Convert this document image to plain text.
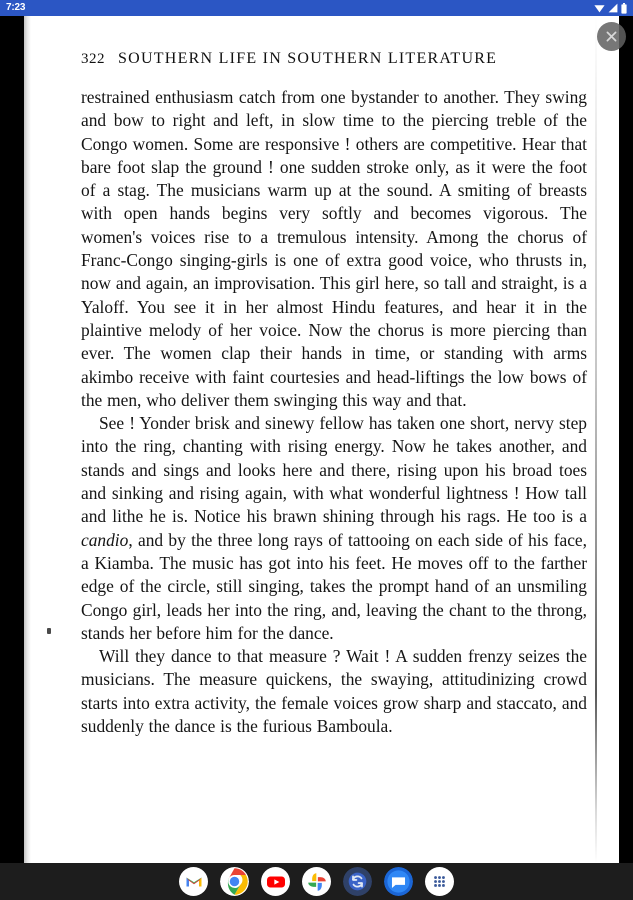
7:23
322 SOUTHERN LIFE IN SOUTHERN LITERATURE

restrained enthusiasm catch from one bystander to another. They swing and bow to right and left, in slow time to the piercing treble of the Congo women. Some are responsive ! others are competitive. Hear that bare foot slap the ground ! one sudden stroke only, as it were the foot of a stag. The musicians warm up at the sound. A smiting of breasts with open hands begins very softly and becomes vigorous. The women's voices rise to a tremulous intensity. Among the chorus of Franc-Congo singing-girls is one of extra good voice, who thrusts in, now and again, an improvisation. This girl here, so tall and straight, is a Yaloff. You see it in her almost Hindu features, and hear it in the plaintive melody of her voice. Now the chorus is more piercing than ever. The women clap their hands in time, or standing with arms akimbo receive with faint courtesies and head-liftings the low bows of the men, who deliver them swinging this way and that.

See ! Yonder brisk and sinewy fellow has taken one short, nervy step into the ring, chanting with rising energy. Now he takes another, and stands and sings and looks here and there, rising upon his broad toes and sinking and rising again, with what wonderful lightness ! How tall and lithe he is. Notice his brawn shining through his rags. He too is a candio, and by the three long rays of tattooing on each side of his face, a Kiamba. The music has got into his feet. He moves off to the farther edge of the circle, still singing, takes the prompt hand of an unsmiling Congo girl, leads her into the ring, and, leaving the chant to the throng, stands her before him for the dance.

Will they dance to that measure ? Wait ! A sudden frenzy seizes the musicians. The measure quickens, the swaying, attitudinizing crowd starts into extra activity, the female voices grow sharp and staccato, and suddenly the dance is the furious Bamboula.
